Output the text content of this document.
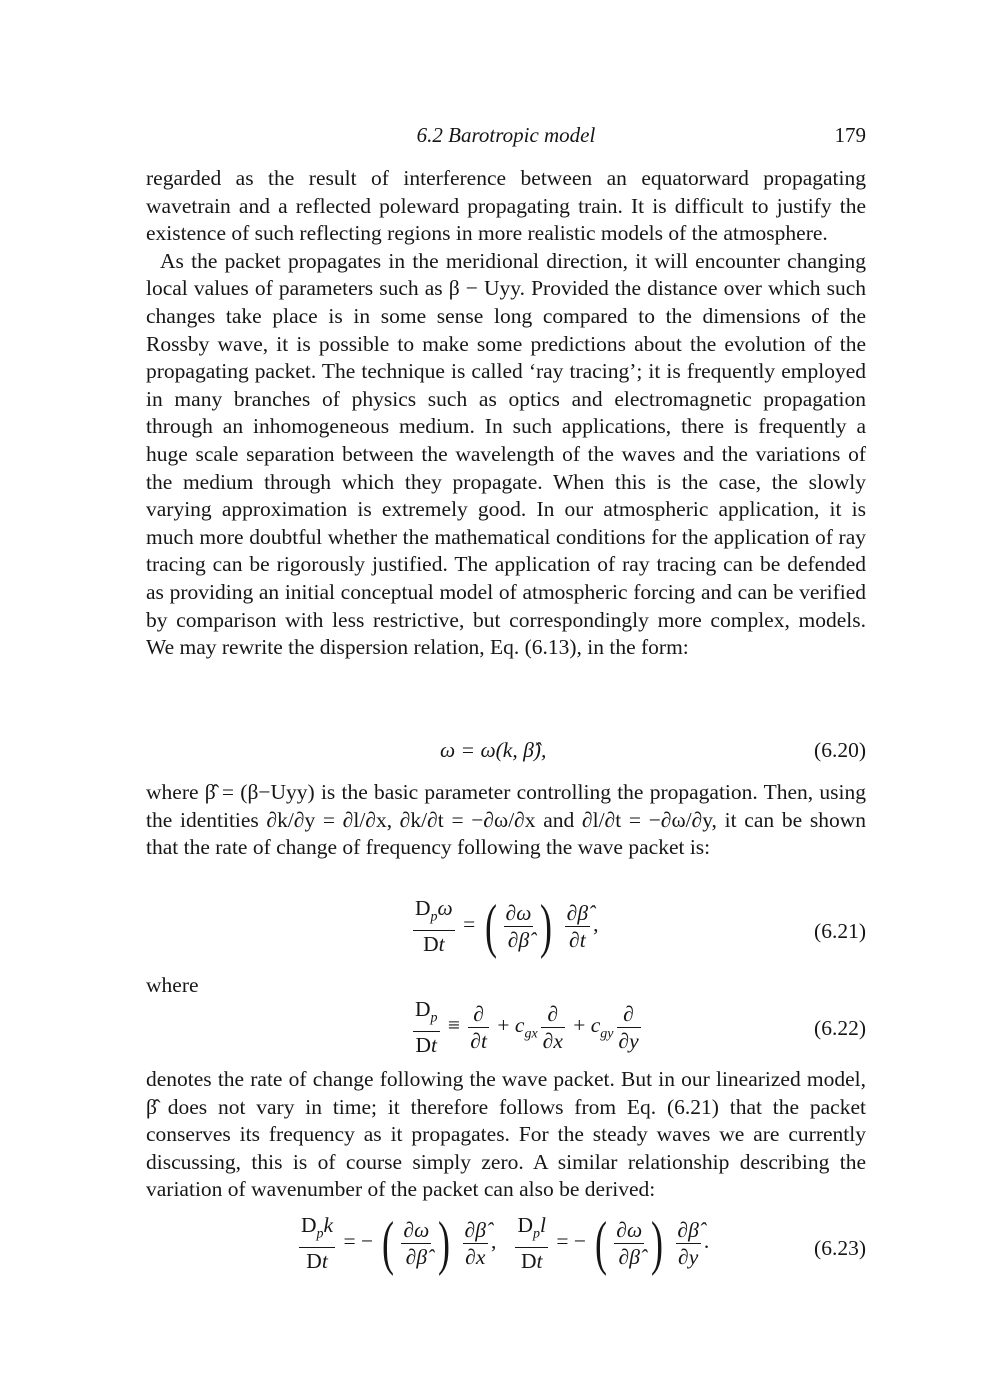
6.2 Barotropic model	179

regarded as the result of interference between an equatorward propagating wavetrain and a reflected poleward propagating train. It is difficult to justify the existence of such reflecting regions in more realistic models of the atmosphere.

As the packet propagates in the meridional direction, it will encounter changing local values of parameters such as β − Uyy. Provided the distance over which such changes take place is in some sense long compared to the dimensions of the Rossby wave, it is possible to make some predictions about the evolution of the propagating packet. The technique is called ‘ray tracing’; it is frequently employed in many branches of physics such as optics and electromagnetic propagation through an inhomogeneous medium. In such applications, there is frequently a huge scale separation between the wavelength of the waves and the variations of the medium through which they propagate. When this is the case, the slowly varying approximation is extremely good. In our atmospheric application, it is much more doubtful whether the mathematical conditions for the application of ray tracing can be rigorously justified. The application of ray tracing can be defended as providing an initial conceptual model of atmospheric forcing and can be verified by comparison with less restrictive, but correspondingly more complex, models. We may rewrite the dispersion relation, Eq. (6.13), in the form:

ω = ω(k, β̂),	(6.20)

where β̂ = (β−Uyy) is the basic parameter controlling the propagation. Then, using the identities ∂k/∂y = ∂l/∂x, ∂k/∂t = −∂ω/∂x and ∂l/∂t = −∂ω/∂y, it can be shown that the rate of change of frequency following the wave packet is:

$\frac{D_p\omega}{Dt}$ = ( $\frac{\partial\omega}{\partial\betâ}$ ) $\frac{\partial\betâ}{\partial t}$ ,	(6.21)

where

$\frac{D_p}{Dt} \equiv \frac{\partial}{\partial t} + c_{gx} \frac{\partial}{\partial x} + c_{gy} \frac{\partial}{\partial y}$	(6.22)

denotes the rate of change following the wave packet. But in our linearized model, β̂ does not vary in time; it therefore follows from Eq. (6.21) that the packet conserves its frequency as it propagates. For the steady waves we are currently discussing, this is of course simply zero. A similar relationship describing the variation of wavenumber of the packet can also be derived:

$\frac{D_pk}{Dt}$ = − ( $\frac{\partial\omega}{\partial\betâ}$ ) $\frac{\partial\betâ}{\partial x}$ , $\frac{D_pl}{Dt}$ = − ( $\frac{\partial\omega}{\partial\betâ}$ ) $\frac{\partial\betâ}{\partial y}$ .	(6.23)
